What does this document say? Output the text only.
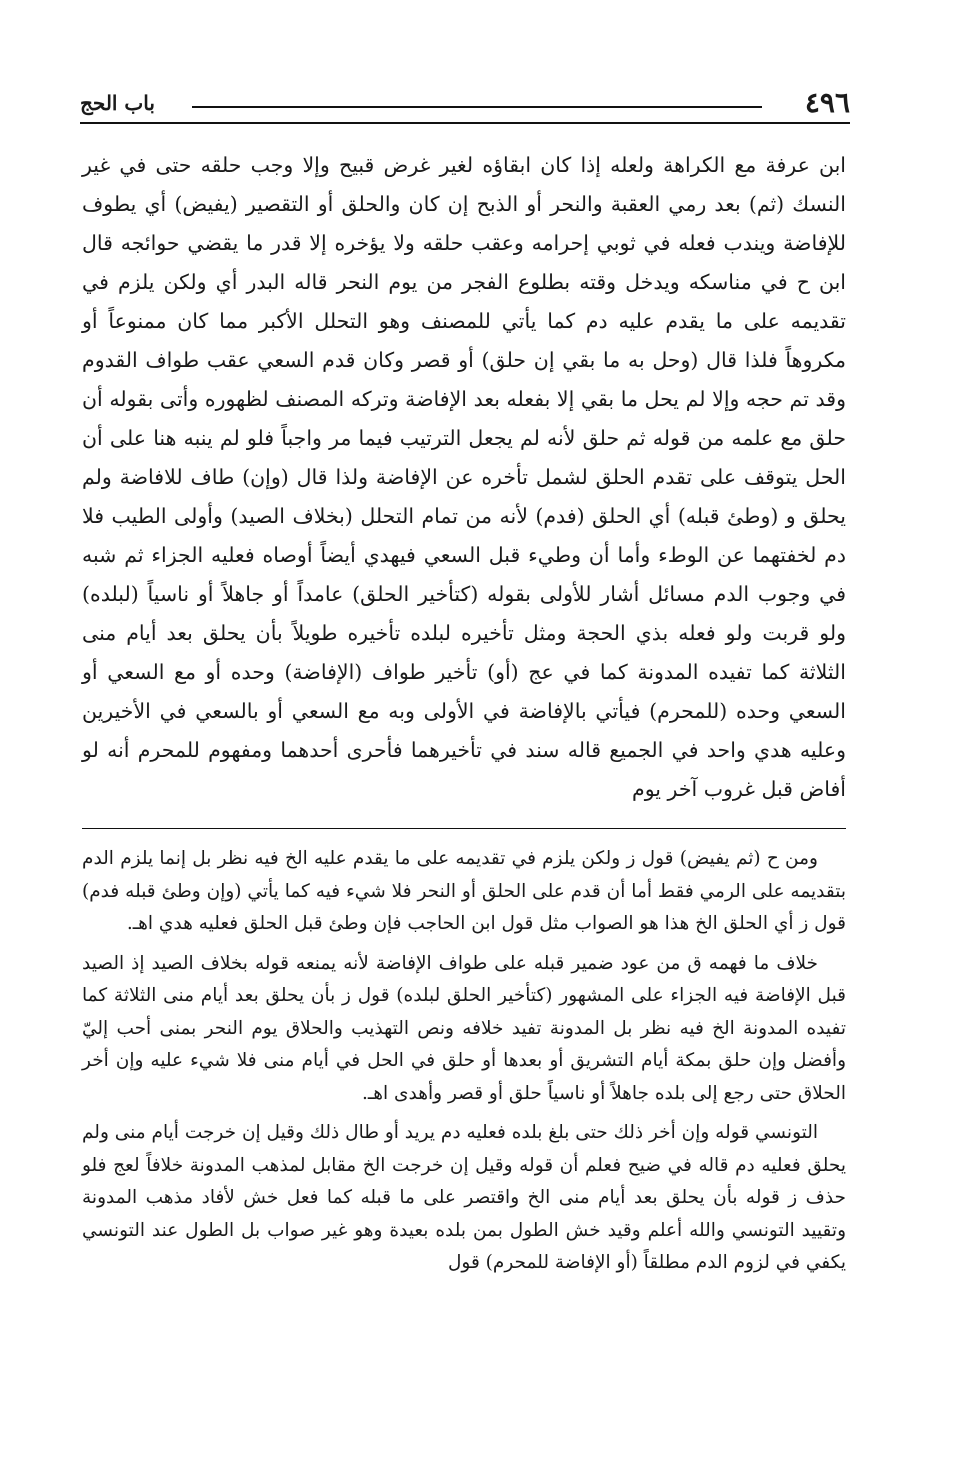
٤٩٦
باب الحج

ابن عرفة مع الكراهة ولعله إذا كان ابقاؤه لغير غرض قبيح وإلا وجب حلقه حتى في غير النسك (ثم) بعد رمي العقبة والنحر أو الذبح إن كان والحلق أو التقصير (يفيض) أي يطوف للإفاضة ويندب فعله في ثوبي إحرامه وعقب حلقه ولا يؤخره إلا قدر ما يقضي حوائجه قال ابن ح في مناسكه ويدخل وقته بطلوع الفجر من يوم النحر قاله البدر أي ولكن يلزم في تقديمه على ما يقدم عليه دم كما يأتي للمصنف وهو التحلل الأكبر مما كان ممنوعاً أو مكروهاً فلذا قال (وحل به ما بقي إن حلق) أو قصر وكان قدم السعي عقب طواف القدوم وقد تم حجه وإلا لم يحل ما بقي إلا بفعله بعد الإفاضة وتركه المصنف لظهوره وأتى بقوله أن حلق مع علمه من قوله ثم حلق لأنه لم يجعل الترتيب فيما مر واجباً فلو لم ينبه هنا على أن الحل يتوقف على تقدم الحلق لشمل تأخره عن الإفاضة ولذا قال (وإن) طاف للافاضة ولم يحلق و (وطئ قبله) أي الحلق (فدم) لأنه من تمام التحلل (بخلاف الصيد) وأولى الطيب فلا دم لخفتهما عن الوطء وأما أن وطيء قبل السعي فيهدي أيضاً أوصاه فعليه الجزاء ثم شبه في وجوب الدم مسائل أشار للأولى بقوله (كتأخير الحلق) عامداً أو جاهلاً أو ناسياً (لبلده) ولو قربت ولو فعله بذي الحجة ومثل تأخيره لبلده تأخيره طويلاً بأن يحلق بعد أيام منى الثلاثة كما تفيده المدونة كما في عج (أو) تأخير طواف (الإفاضة) وحده أو مع السعي أو السعي وحده (للمحرم) فيأتي بالإفاضة في الأولى وبه مع السعي أو بالسعي في الأخيرين وعليه هدي واحد في الجميع قاله سند في تأخيرهما فأحرى أحدهما ومفهوم للمحرم أنه لو أفاض قبل غروب آخر يوم

ومن ح (ثم يفيض) قول ز ولكن يلزم في تقديمه على ما يقدم عليه الخ فيه نظر بل إنما يلزم الدم بتقديمه على الرمي فقط أما أن قدم على الحلق أو النحر فلا شيء فيه كما يأتي (وإن وطئ قبله فدم) قول ز أي الحلق الخ هذا هو الصواب مثل قول ابن الحاجب فإن وطئ قبل الحلق فعليه هدي اهـ.

خلاف ما فهمه ق من عود ضمير قبله على طواف الإفاضة لأنه يمنعه قوله بخلاف الصيد إذ الصيد قبل الإفاضة فيه الجزاء على المشهور (كتأخير الحلق لبلده) قول ز بأن يحلق بعد أيام منى الثلاثة كما تفيده المدونة الخ فيه نظر بل المدونة تفيد خلافه ونص التهذيب والحلاق يوم النحر بمنى أحب إليّ وأفضل وإن حلق بمكة أيام التشريق أو بعدها أو حلق في الحل في أيام منى فلا شيء عليه وإن أخر الحلاق حتى رجع إلى بلده جاهلاً أو ناسياً حلق أو قصر وأهدى اهـ.

التونسي قوله وإن أخر ذلك حتى بلغ بلده فعليه دم يريد أو طال ذلك وقيل إن خرجت أيام منى ولم يحلق فعليه دم قاله في ضيح فعلم أن قوله وقيل إن خرجت الخ مقابل لمذهب المدونة خلافاً لعج فلو حذف ز قوله بأن يحلق بعد أيام منى الخ واقتصر على ما قبله كما فعل خش لأفاد مذهب المدونة وتقييد التونسي والله أعلم وقيد خش الطول بمن بلده بعيدة وهو غير صواب بل الطول عند التونسي يكفي في لزوم الدم مطلقاً (أو الإفاضة للمحرم) قول
